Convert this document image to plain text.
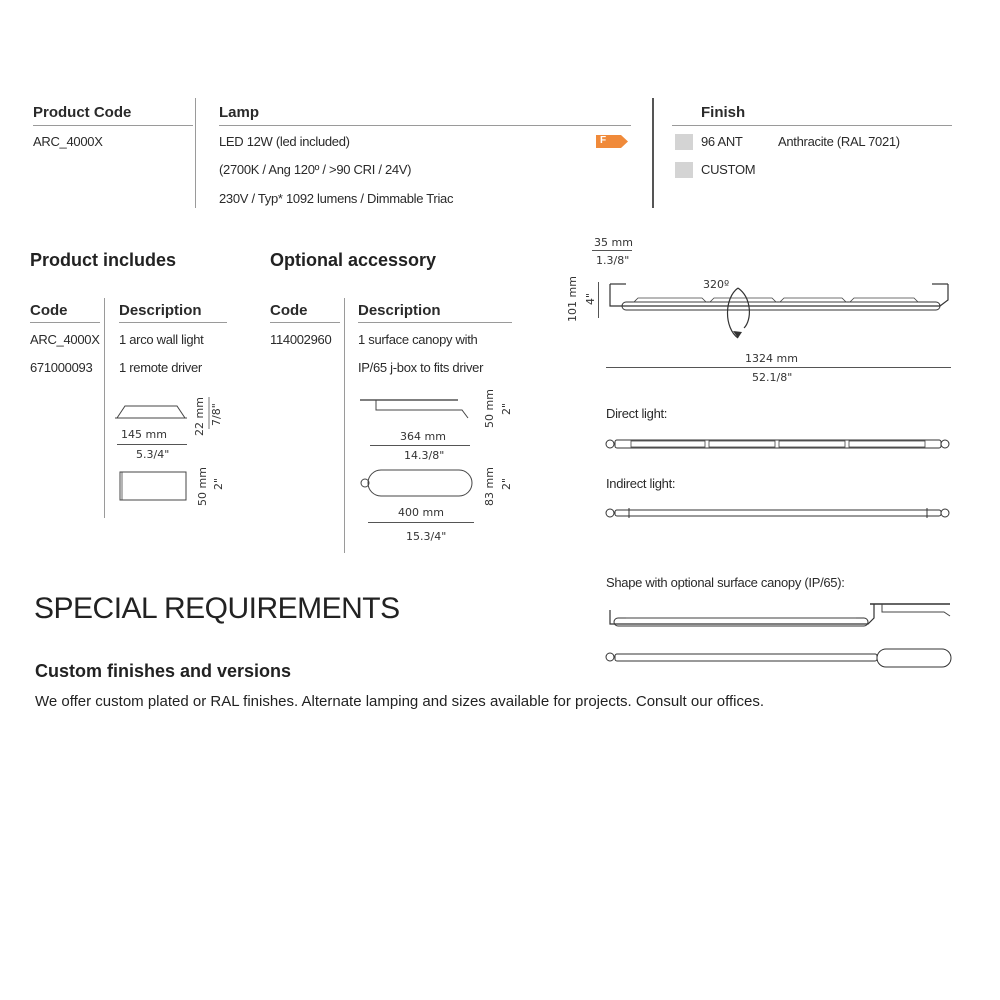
Product Code	Lamp	Finish
ARC_4000X	LED 12W (led included)
(2700K / Ang 120º / >90 CRI / 24V)
230V / Typ* 1092 lumens / Dimmable Triac
F	96 ANT	Anthracite (RAL 7021)
CUSTOM
Product includes
Code	Description
ARC_4000X 1 arco wall light
671000093 1 remote driver
22 mm 7/8"
145 mm
5.3/4"
50 mm 2"
Optional accessory
Code	Description
114002960 1 surface canopy with
IP/65 j-box to fits driver
50 mm 2"
364 mm
14.3/8"
83 mm 2"
400 mm
15.3/4"
35 mm
1.3/8"
101 mm 4"
320º
1324 mm
52.1/8"
Direct light:
Indirect light:
Shape with optional surface canopy (IP/65):
SPECIAL REQUIREMENTS
Custom finishes and versions
We offer custom plated or RAL finishes. Alternate lamping and sizes available for projects. Consult our offices.
